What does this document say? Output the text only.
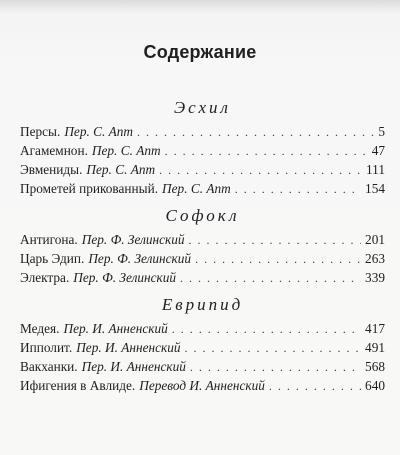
Содержание
Эсхил
Персы. Пер. С. Апт . . .	5
Агамемнон. Пер. С. Апт . . .	47
Эвмениды. Пер. С. Апт . . .	111
Прометей прикованный. Пер. С. Апт . . .	154
Софокл
Антигона. Пер. Ф. Зелинский . . .	201
Царь Эдип. Пер. Ф. Зелинский . . .	263
Электра. Пер. Ф. Зелинский . . .	339
Еврипид
Медея. Пер. И. Анненский . . .	417
Ипполит. Пер. И. Анненский . . .	491
Вакханки. Пер. И. Анненский . . .	568
Ифигения в Авлиде. Перевод И. Анненский . . .	640
